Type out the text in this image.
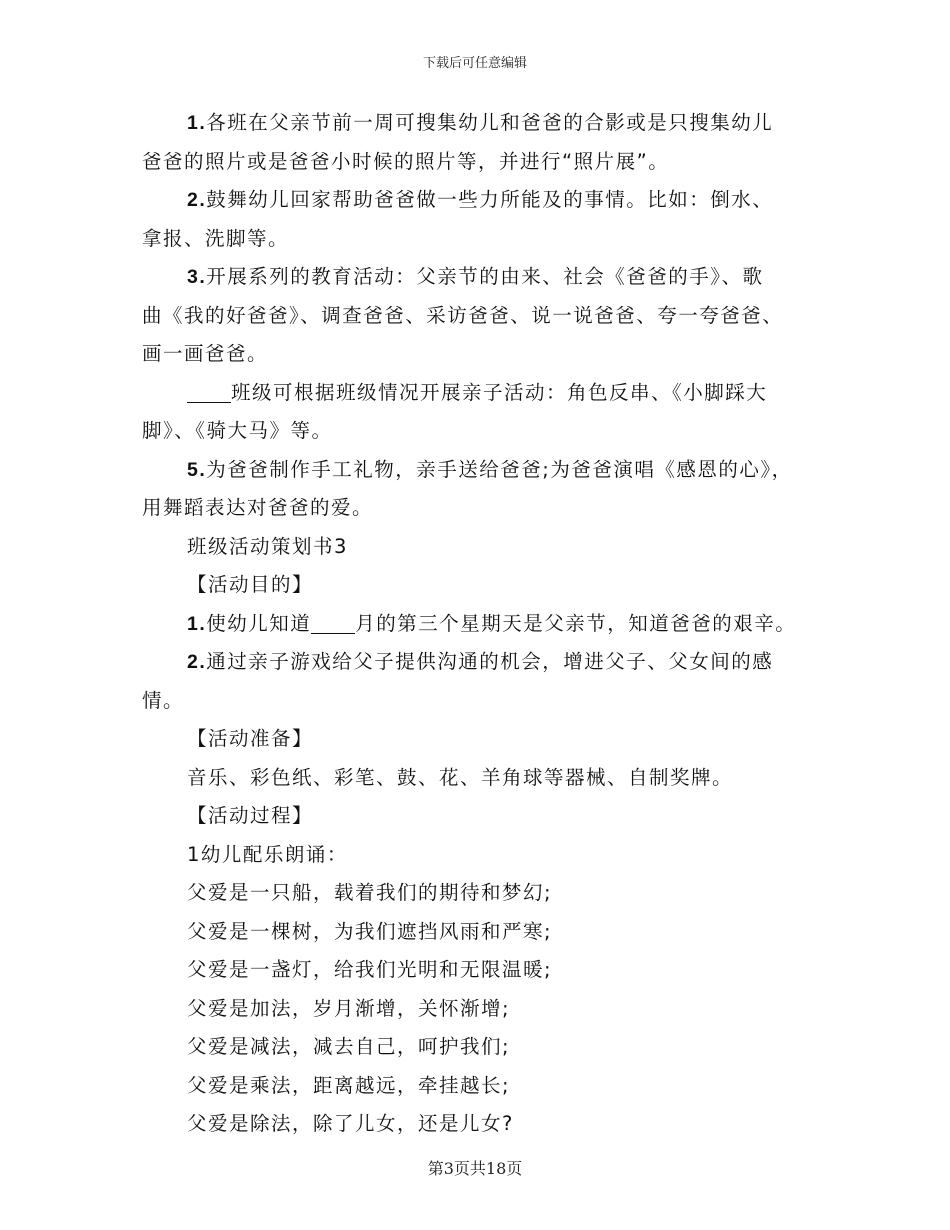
下载后可任意编辑

1.各班在父亲节前一周可搜集幼儿和爸爸的合影或是只搜集幼儿

爸爸的照片或是爸爸小时候的照片等，并进行“照片展”。

2.鼓舞幼儿回家帮助爸爸做一些力所能及的事情。比如：倒水、

拿报、洗脚等。

3.开展系列的教育活动：父亲节的由来、社会《爸爸的手》、歌

曲《我的好爸爸》、调查爸爸、采访爸爸、说一说爸爸、夸一夸爸爸、

画一画爸爸。

班级可根据班级情况开展亲子活动：角色反串、《小脚踩大

脚》、《骑大马》等。

5.为爸爸制作手工礼物，亲手送给爸爸;为爸爸演唱《感恩的心》，

用舞蹈表达对爸爸的爱。

班级活动策划书3

【活动目的】

1.使幼儿知道 月的第三个星期天是父亲节，知道爸爸的艰辛。

2.通过亲子游戏给父子提供沟通的机会，增进父子、父女间的感

情。

【活动准备】

音乐、彩色纸、彩笔、鼓、花、羊角球等器械、自制奖牌。

【活动过程】

1幼儿配乐朗诵：

父爱是一只船，载着我们的期待和梦幻;

父爱是一棵树，为我们遮挡风雨和严寒;

父爱是一盏灯，给我们光明和无限温暖;

父爱是加法，岁月渐增，关怀渐增;

父爱是减法，减去自己，呵护我们;

父爱是乘法，距离越远，牵挂越长;

父爱是除法，除了儿女，还是儿女?

第3页共18页
